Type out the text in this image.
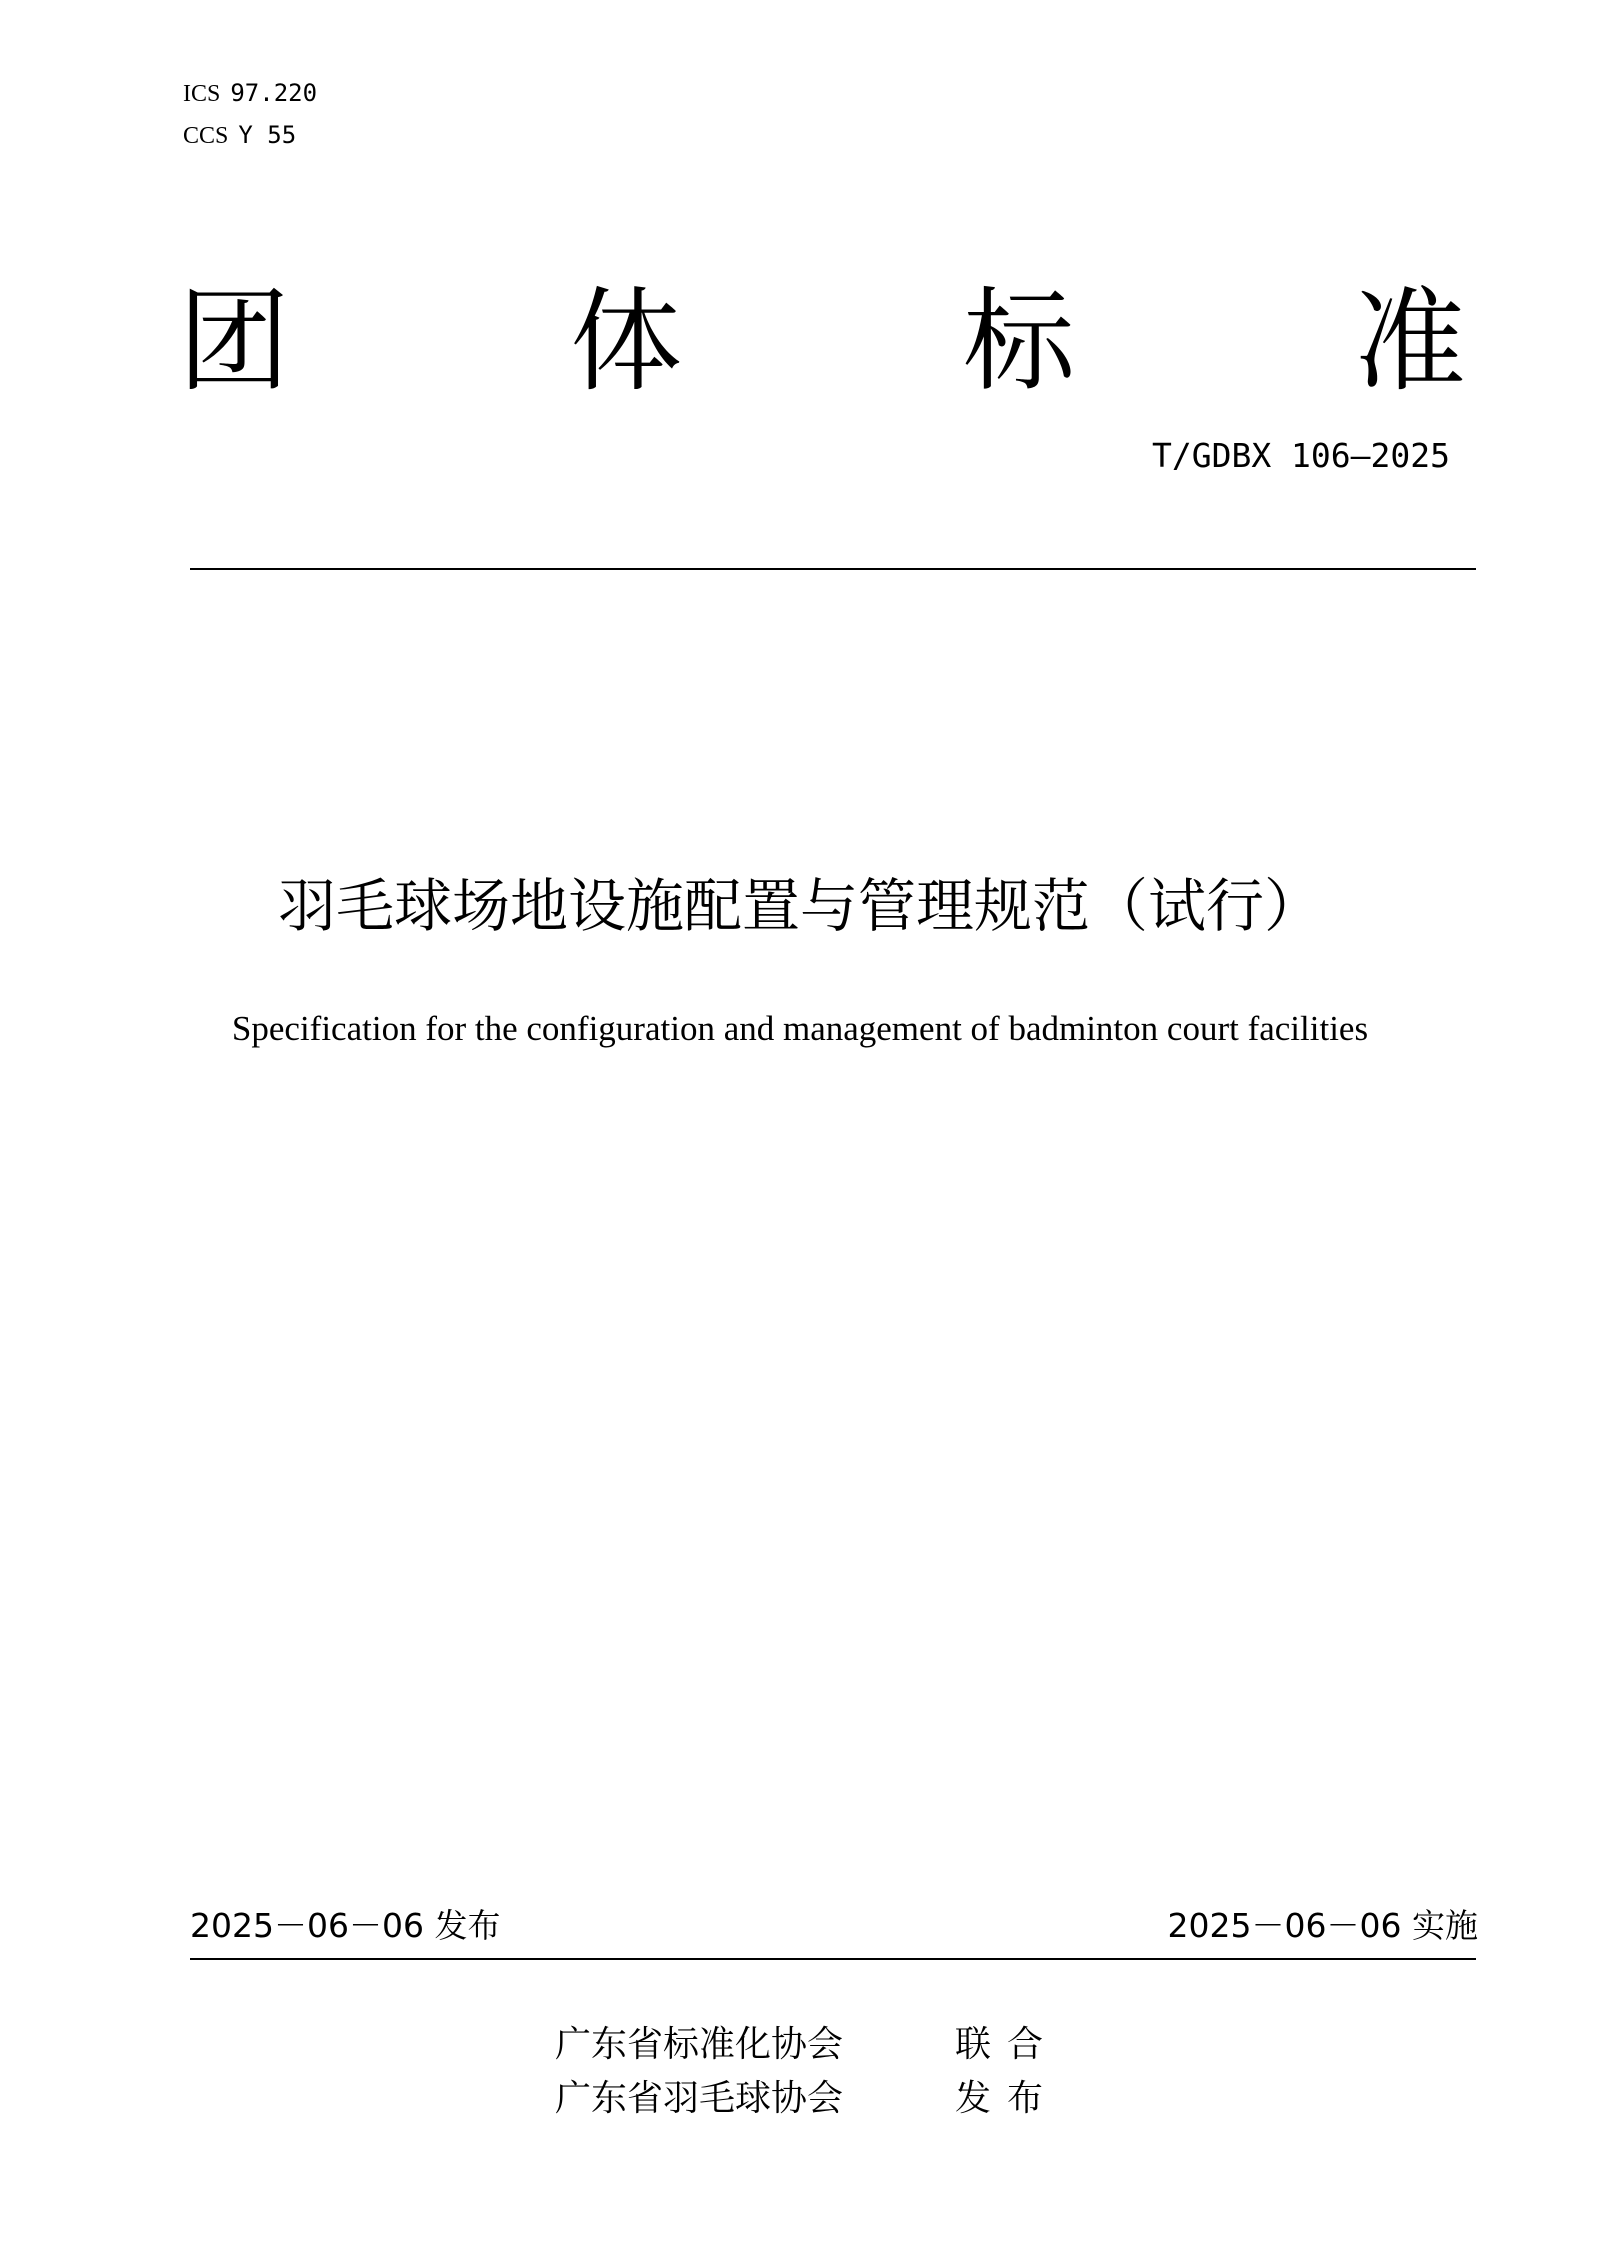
ICS 97.220
CCS Y 55
团	体	标 准
T/GDBX 106—2025
羽毛球场地设施配置与管理规范（试行）
Specification for the configuration and management of badminton court facilities
2025－06－06 发布	2025－06－06 实施
广东省标准化协会	联合
广东省羽毛球协会	发布
